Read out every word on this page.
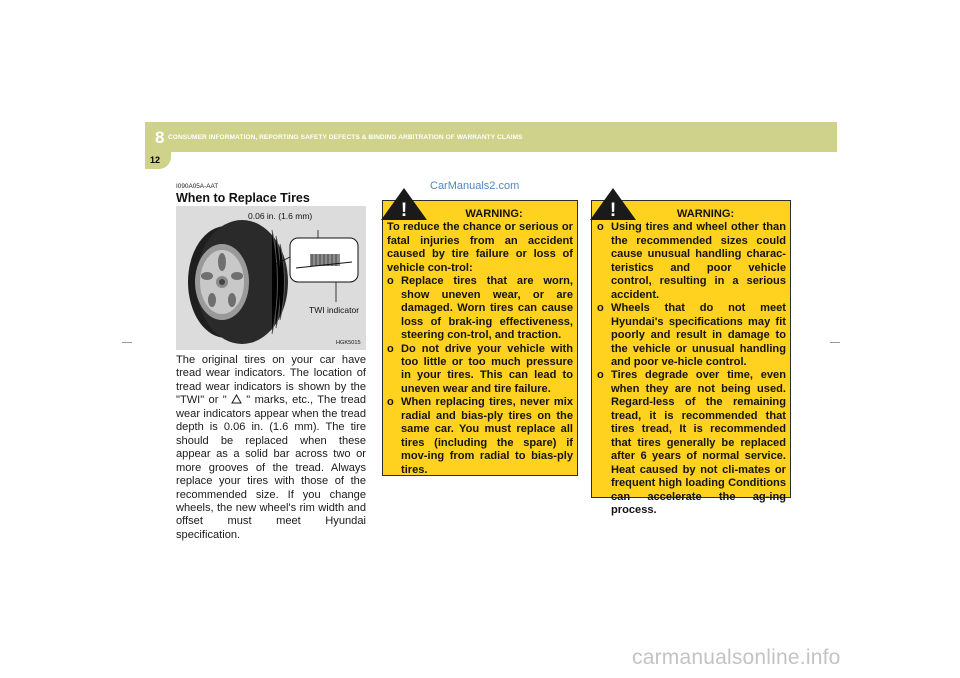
8 CONSUMER INFORMATION, REPORTING SAFETY DEFECTS & BINDING ARBITRATION OF WARRANTY CLAIMS
12
CarManuals2.com
I090A05A-AAT
When to Replace Tires
0.06 in. (1.6 mm)
TWI indicator
HGK5015

The original tires on your car have tread wear indicators. The location of tread wear indicators is shown by the "TWI" or "  " marks, etc., The tread wear indicators appear when the tread depth is 0.06 in. (1.6 mm). The tire should be replaced when these appear as a solid bar across two or more grooves of the tread. Always replace your tires with those of the recommended size. If you change wheels, the new wheel's rim width and offset must meet Hyundai specification.

WARNING:

To reduce the chance or serious or fatal injuries from an accident caused by tire failure or loss of vehicle con-trol:

o Replace tires that are worn, show uneven wear, or are damaged. Worn tires can cause loss of brak-ing effectiveness, steering con-trol, and traction.
o Do not drive your vehicle with too little or too much pressure in your tires. This can lead to uneven wear and tire failure.
o When replacing tires, never mix radial and bias-ply tires on the same car. You must replace all tires (including the spare) if mov-ing from radial to bias-ply tires.
!	WARNING:
o Using tires and wheel other than the recommended sizes could cause unusual handling charac-teristics and poor vehicle control, resulting in a serious accident.
o Wheels that do not meet Hyundai's specifications may fit poorly and result in damage to the vehicle or unusual handling and poor ve-hicle control.
o Tires degrade over time, even when they are not being used. Regard-less of the remaining tread, it is recommended that tires tread, It is recommended that tires generally be replaced after 6 years of normal service. Heat caused by not cli-mates or frequent high loading Conditions can accelerate the ag-ing process.
!
carmanualsonline.info
